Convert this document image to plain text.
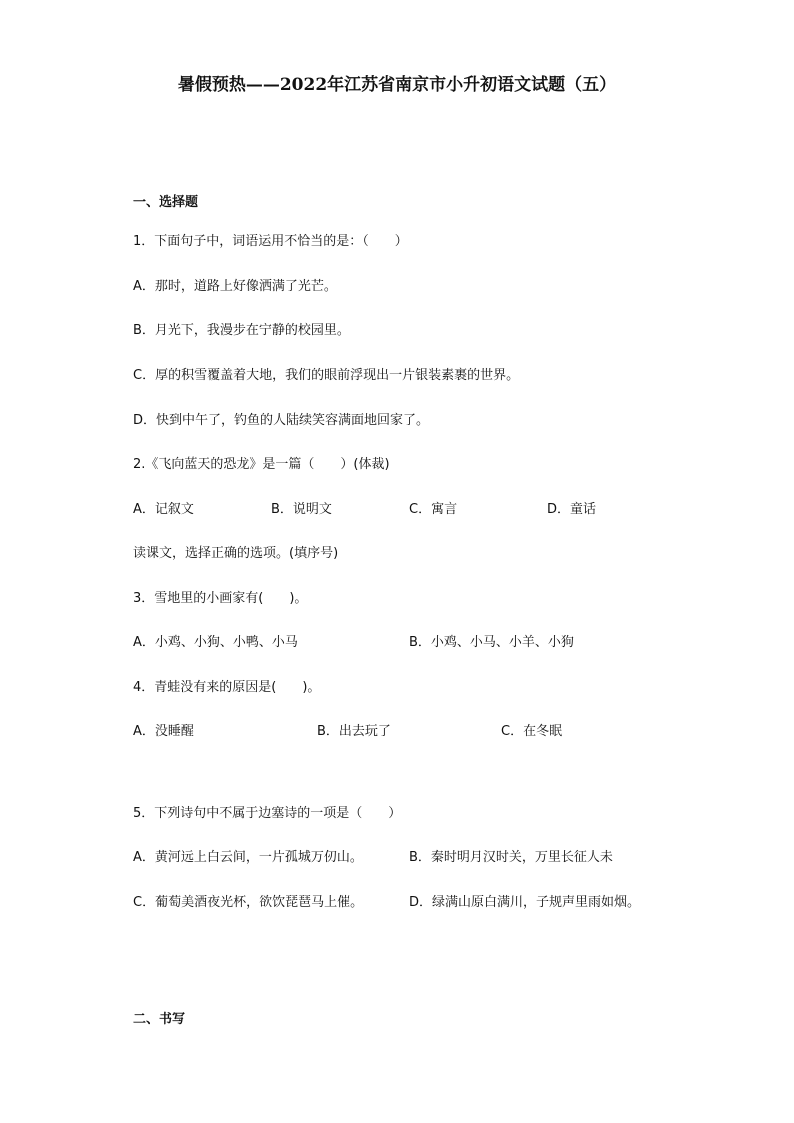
暑假预热——2022年江苏省南京市小升初语文试题（五）
一、选择题
1．下面句子中，词语运用不恰当的是：（　　）
A．那时，道路上好像洒满了光芒。
B．月光下，我漫步在宁静的校园里。
C．厚的积雪覆盖着大地，我们的眼前浮现出一片银装素裹的世界。
D．快到中午了，钓鱼的人陆续笑容满面地回家了。
2.《飞向蓝天的恐龙》是一篇（　　）(体裁)
A．记叙文	B．说明文	C．寓言	D．童话
读课文，选择正确的选项。(填序号)
3．雪地里的小画家有(　　)。
A．小鸡、小狗、小鸭、小马	B．小鸡、小马、小羊、小狗
4．青蛙没有来的原因是(　　)。
A．没睡醒	B．出去玩了	C．在冬眠
5．下列诗句中不属于边塞诗的一项是（　　）
A．黄河远上白云间，一片孤城万仞山。	B．秦时明月汉时关，万里长征人未
C．葡萄美酒夜光杯，欲饮琵琶马上催。	D．绿满山原白满川，子规声里雨如烟。
二、书写
